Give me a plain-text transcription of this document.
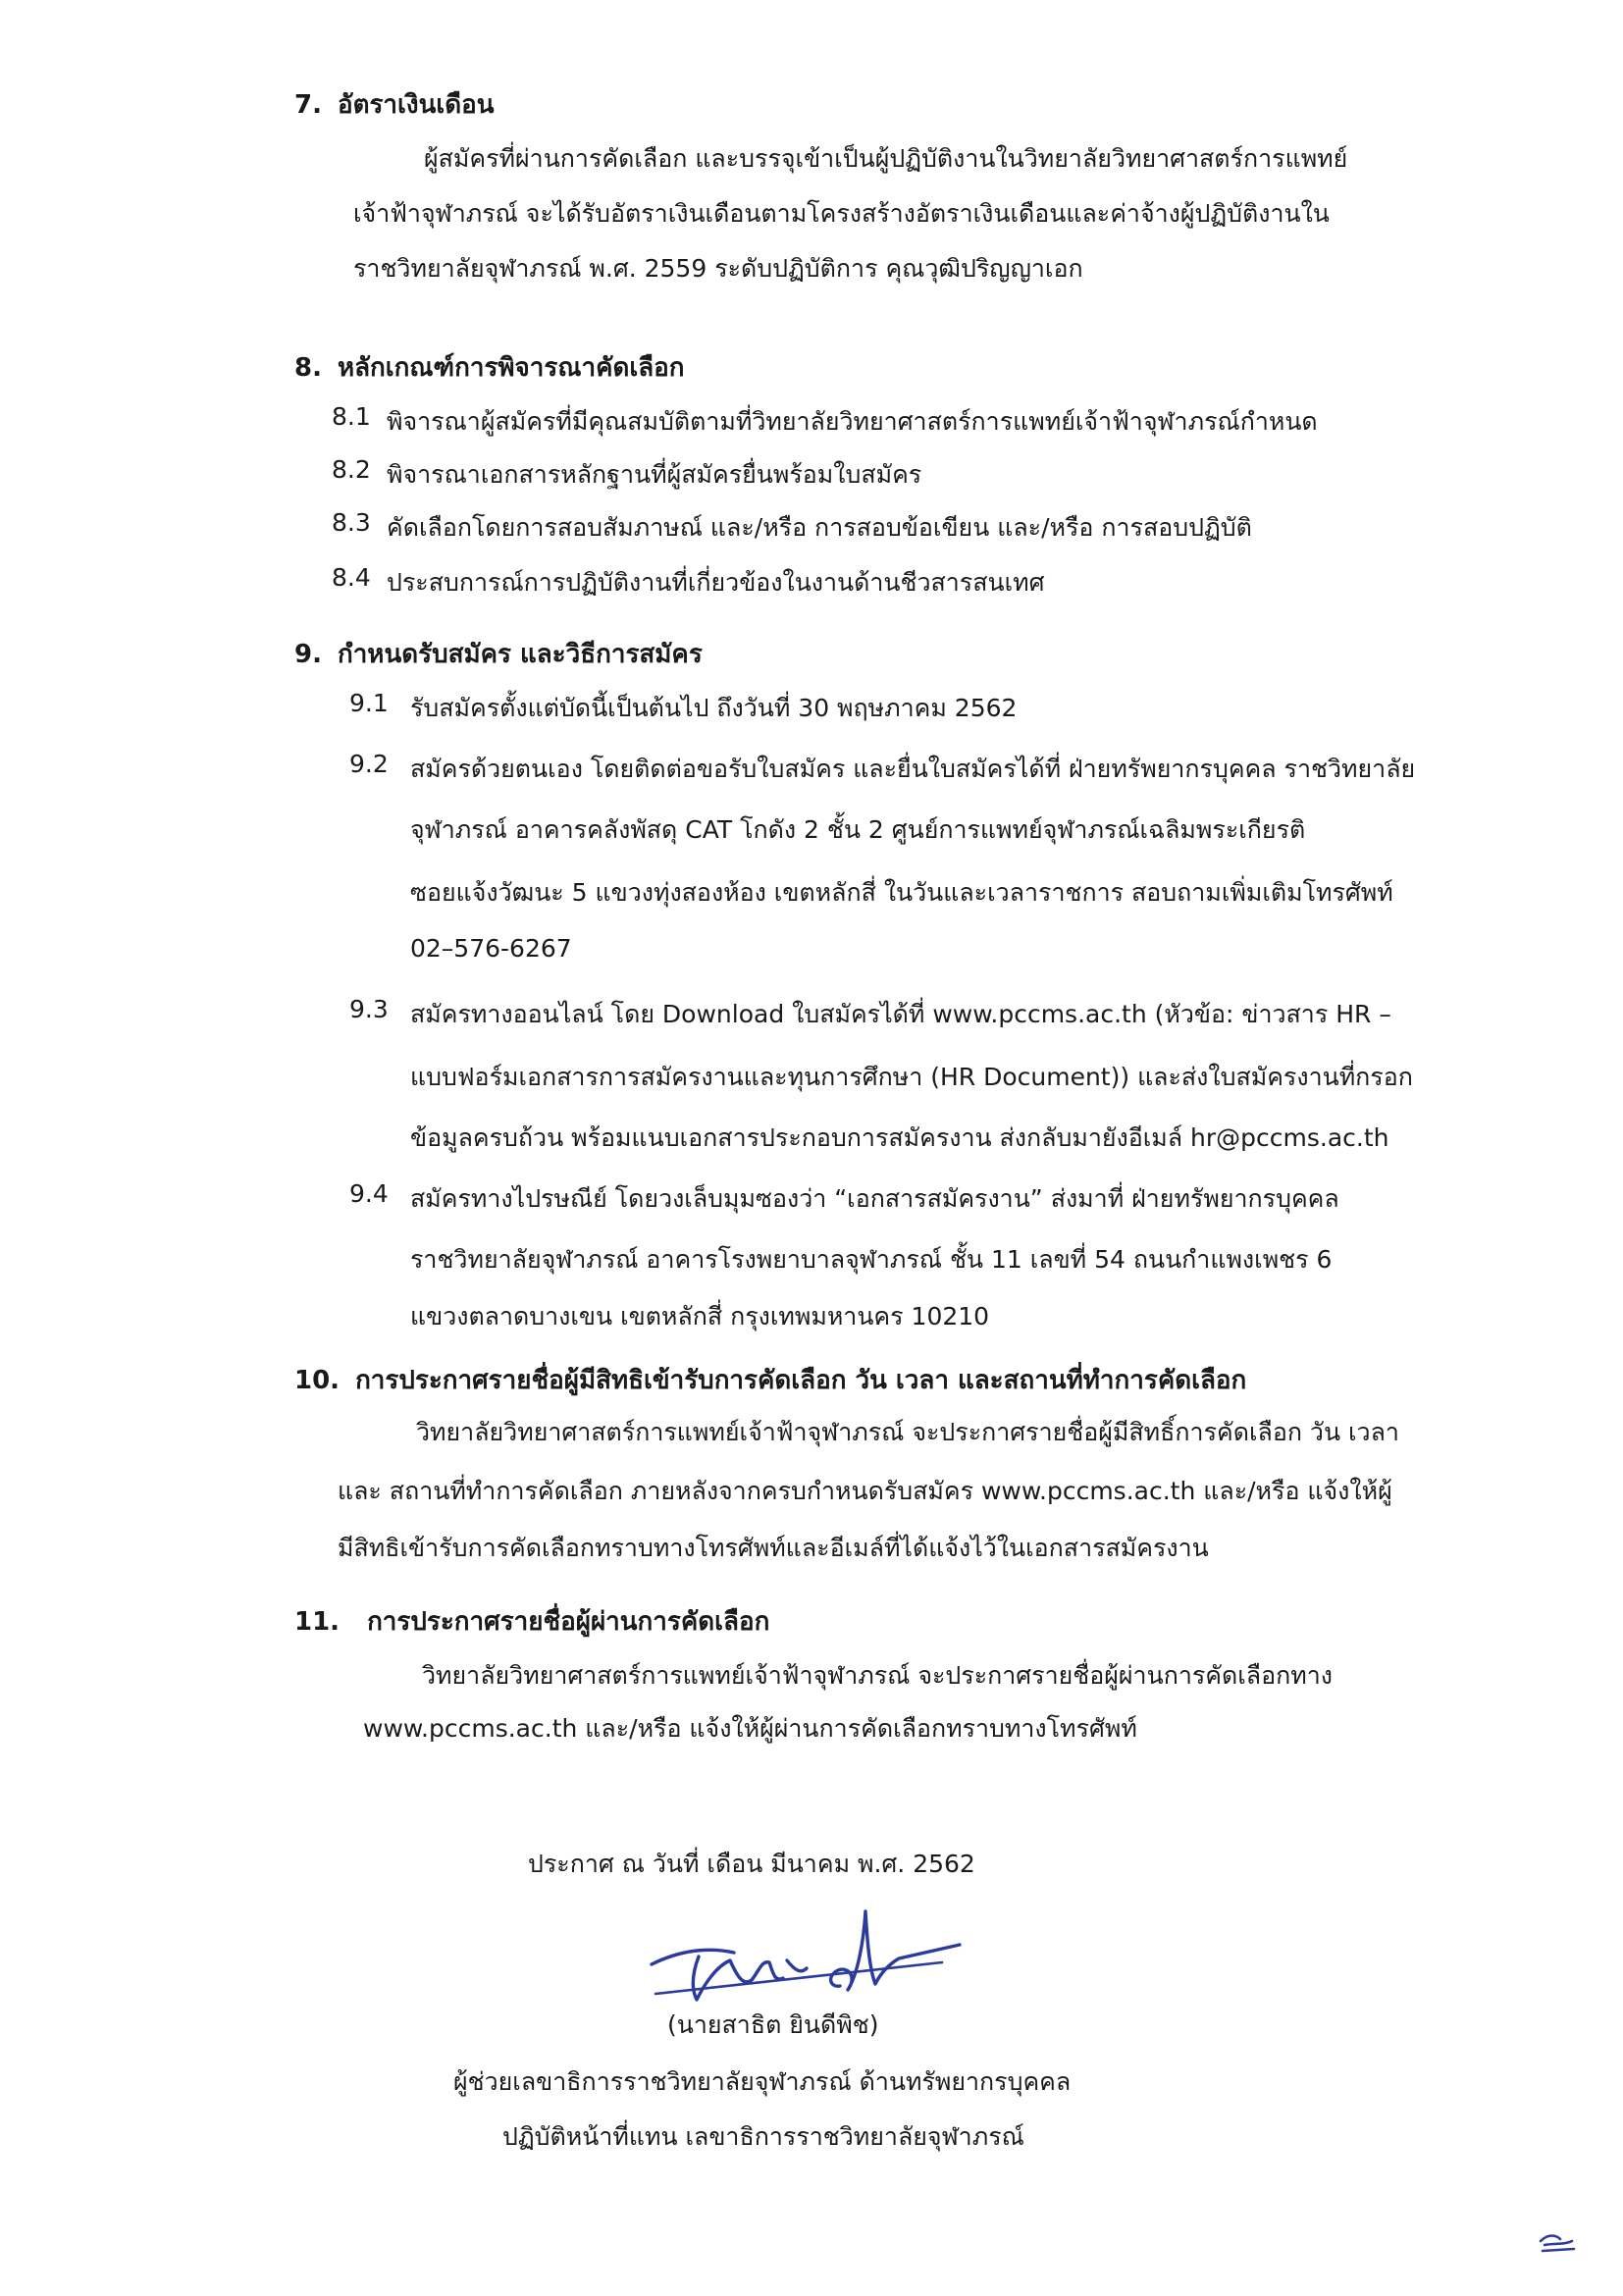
7. อัตราเงินเดือน
ผู้สมัครที่ผ่านการคัดเลือก และบรรจุเข้าเป็นผู้ปฏิบัติงานในวิทยาลัยวิทยาศาสตร์การแพทย์
เจ้าฟ้าจุฬาภรณ์ จะได้รับอัตราเงินเดือนตามโครงสร้างอัตราเงินเดือนและค่าจ้างผู้ปฏิบัติงานใน
ราชวิทยาลัยจุฬาภรณ์ พ.ศ. 2559 ระดับปฏิบัติการ คุณวุฒิปริญญาเอก
8. หลักเกณฑ์การพิจารณาคัดเลือก
8.1 พิจารณาผู้สมัครที่มีคุณสมบัติตามที่วิทยาลัยวิทยาศาสตร์การแพทย์เจ้าฟ้าจุฬาภรณ์กำหนด
8.2 พิจารณาเอกสารหลักฐานที่ผู้สมัครยื่นพร้อมใบสมัคร
8.3 คัดเลือกโดยการสอบสัมภาษณ์ และ/หรือ การสอบข้อเขียน และ/หรือ การสอบปฏิบัติ
8.4 ประสบการณ์การปฏิบัติงานที่เกี่ยวข้องในงานด้านชีวสารสนเทศ
9. กำหนดรับสมัคร และวิธีการสมัคร
9.1 รับสมัครตั้งแต่บัดนี้เป็นต้นไป ถึงวันที่ 30 พฤษภาคม 2562
9.2 สมัครด้วยตนเอง โดยติดต่อขอรับใบสมัคร และยื่นใบสมัครได้ที่ ฝ่ายทรัพยากรบุคคล ราชวิทยาลัย
จุฬาภรณ์ อาคารคลังพัสดุ CAT โกดัง 2 ชั้น 2 ศูนย์การแพทย์จุฬาภรณ์เฉลิมพระเกียรติ
ซอยแจ้งวัฒนะ 5 แขวงทุ่งสองห้อง เขตหลักสี่ ในวันและเวลาราชการ สอบถามเพิ่มเติมโทรศัพท์
02–576-6267
9.3 สมัครทางออนไลน์ โดย Download ใบสมัครได้ที่ www.pccms.ac.th (หัวข้อ: ข่าวสาร HR –
แบบฟอร์มเอกสารการสมัครงานและทุนการศึกษา (HR Document)) และส่งใบสมัครงานที่กรอก
ข้อมูลครบถ้วน พร้อมแนบเอกสารประกอบการสมัครงาน ส่งกลับมายังอีเมล์ hr@pccms.ac.th
9.4 สมัครทางไปรษณีย์ โดยวงเล็บมุมซองว่า “เอกสารสมัครงาน” ส่งมาที่ ฝ่ายทรัพยากรบุคคล
ราชวิทยาลัยจุฬาภรณ์ อาคารโรงพยาบาลจุฬาภรณ์ ชั้น 11 เลขที่ 54 ถนนกำแพงเพชร 6
แขวงตลาดบางเขน เขตหลักสี่ กรุงเทพมหานคร 10210
10. การประกาศรายชื่อผู้มีสิทธิเข้ารับการคัดเลือก วัน เวลา และสถานที่ทำการคัดเลือก
วิทยาลัยวิทยาศาสตร์การแพทย์เจ้าฟ้าจุฬาภรณ์ จะประกาศรายชื่อผู้มีสิทธิ์การคัดเลือก วัน เวลา
และ สถานที่ทำการคัดเลือก ภายหลังจากครบกำหนดรับสมัคร www.pccms.ac.th และ/หรือ แจ้งให้ผู้
มีสิทธิเข้ารับการคัดเลือกทราบทางโทรศัพท์และอีเมล์ที่ได้แจ้งไว้ในเอกสารสมัครงาน
11. การประกาศรายชื่อผู้ผ่านการคัดเลือก
วิทยาลัยวิทยาศาสตร์การแพทย์เจ้าฟ้าจุฬาภรณ์ จะประกาศรายชื่อผู้ผ่านการคัดเลือกทาง
www.pccms.ac.th และ/หรือ แจ้งให้ผู้ผ่านการคัดเลือกทราบทางโทรศัพท์
ประกาศ ณ วันที่ เดือน มีนาคม พ.ศ. 2562
(นายสาธิต ยินดีพิช)
ผู้ช่วยเลขาธิการราชวิทยาลัยจุฬาภรณ์ ด้านทรัพยากรบุคคล
ปฏิบัติหน้าที่แทน เลขาธิการราชวิทยาลัยจุฬาภรณ์
